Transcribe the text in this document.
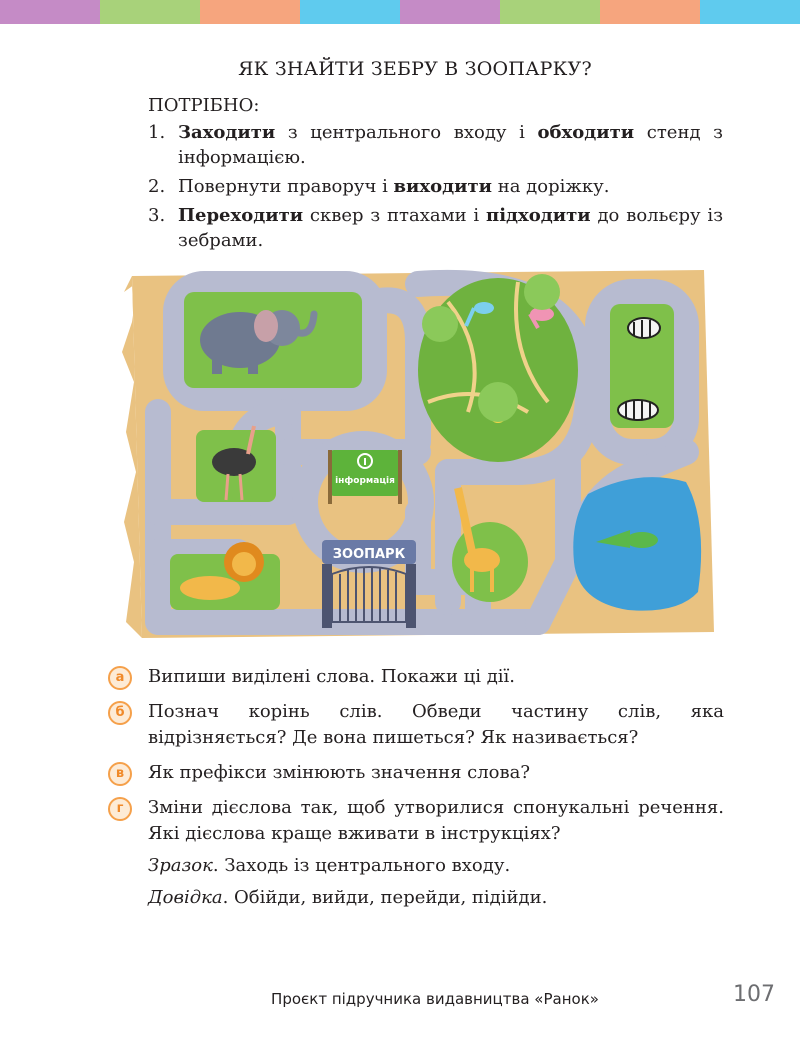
ЯК ЗНАЙТИ ЗЕБРУ В ЗООПАРКУ?
ПОТРІБНО:
1. Заходити з центрального входу і обходити стенд з інформацією.
2. Повернути праворуч і виходити на доріжку.
3. Переходити сквер з птахами і підходити до вольєру із зебрами.
інформація
ЗООПАРК
а	Випиши виділені слова. Покажи ці дії.
б	Познач корінь слів. Обведи частину слів, яка відрізняється? Де вона пишеться? Як називається?
в	Як префікси змінюють значення слова?
г	Зміни дієслова так, щоб утворилися спонукальні речення. Які дієслова краще вживати в інструкціях?
Зразок. Заходь із центрального входу.
Довідка. Обійди, вийди, перейди, підійди.
Проєкт підручника видавництва «Ранок»	107
